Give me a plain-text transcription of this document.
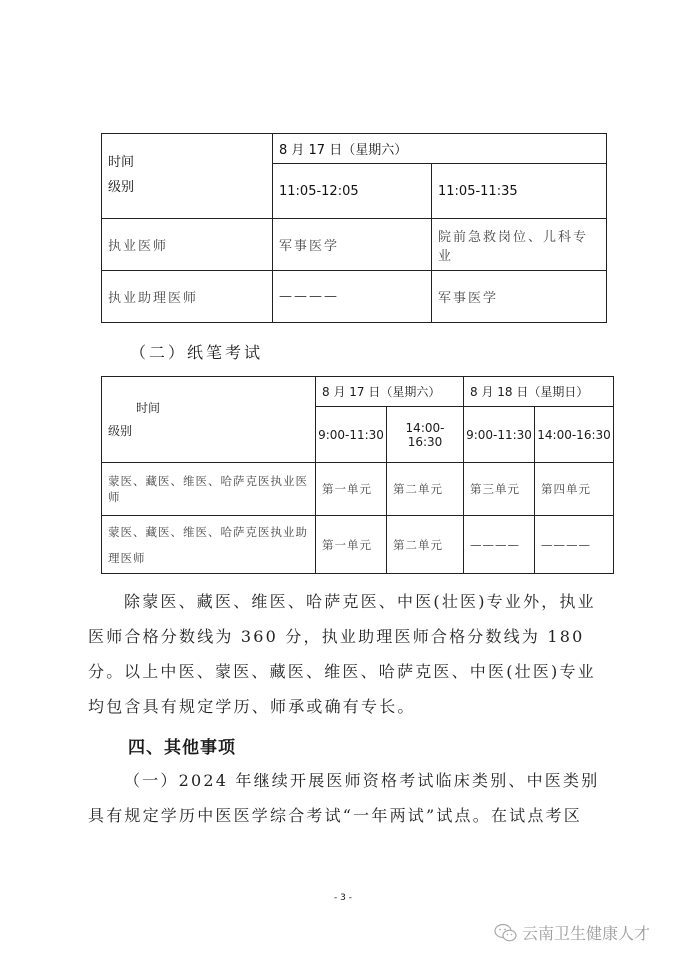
时间
级别	8 月 17 日（星期六）	
	11:05-12:05	11:05-11:35
执业医师	军事医学	院前急救岗位、儿科专业
执业助理医师	————	军事医学
（二）纸笔考试
时间
级别	8 月 17 日（星期六）		8 月 18 日（星期日）	
	9:00-11:30	14:00-16:30	9:00-11:30	14:00-16:30
蒙医、藏医、维医、哈萨克医执业医师	第一单元	第二单元	第三单元	第四单元
蒙医、藏医、维医、哈萨克医执业助理医师	第一单元	第二单元	————	————
除蒙医、藏医、维医、哈萨克医、中医(壮医)专业外，执业医师合格分数线为 360 分，执业助理医师合格分数线为 180 分。 以上中医、蒙医、藏医、维医、哈萨克医、中医(壮医)专业均包含具有规定学历、师承或确有专长。
四、其他事项
（一）2024 年继续开展医师资格考试临床类别、中医类别具有规定学历中医医学综合考试“一年两试”试点。在试点考区
- 3 -
云南卫生健康人才
